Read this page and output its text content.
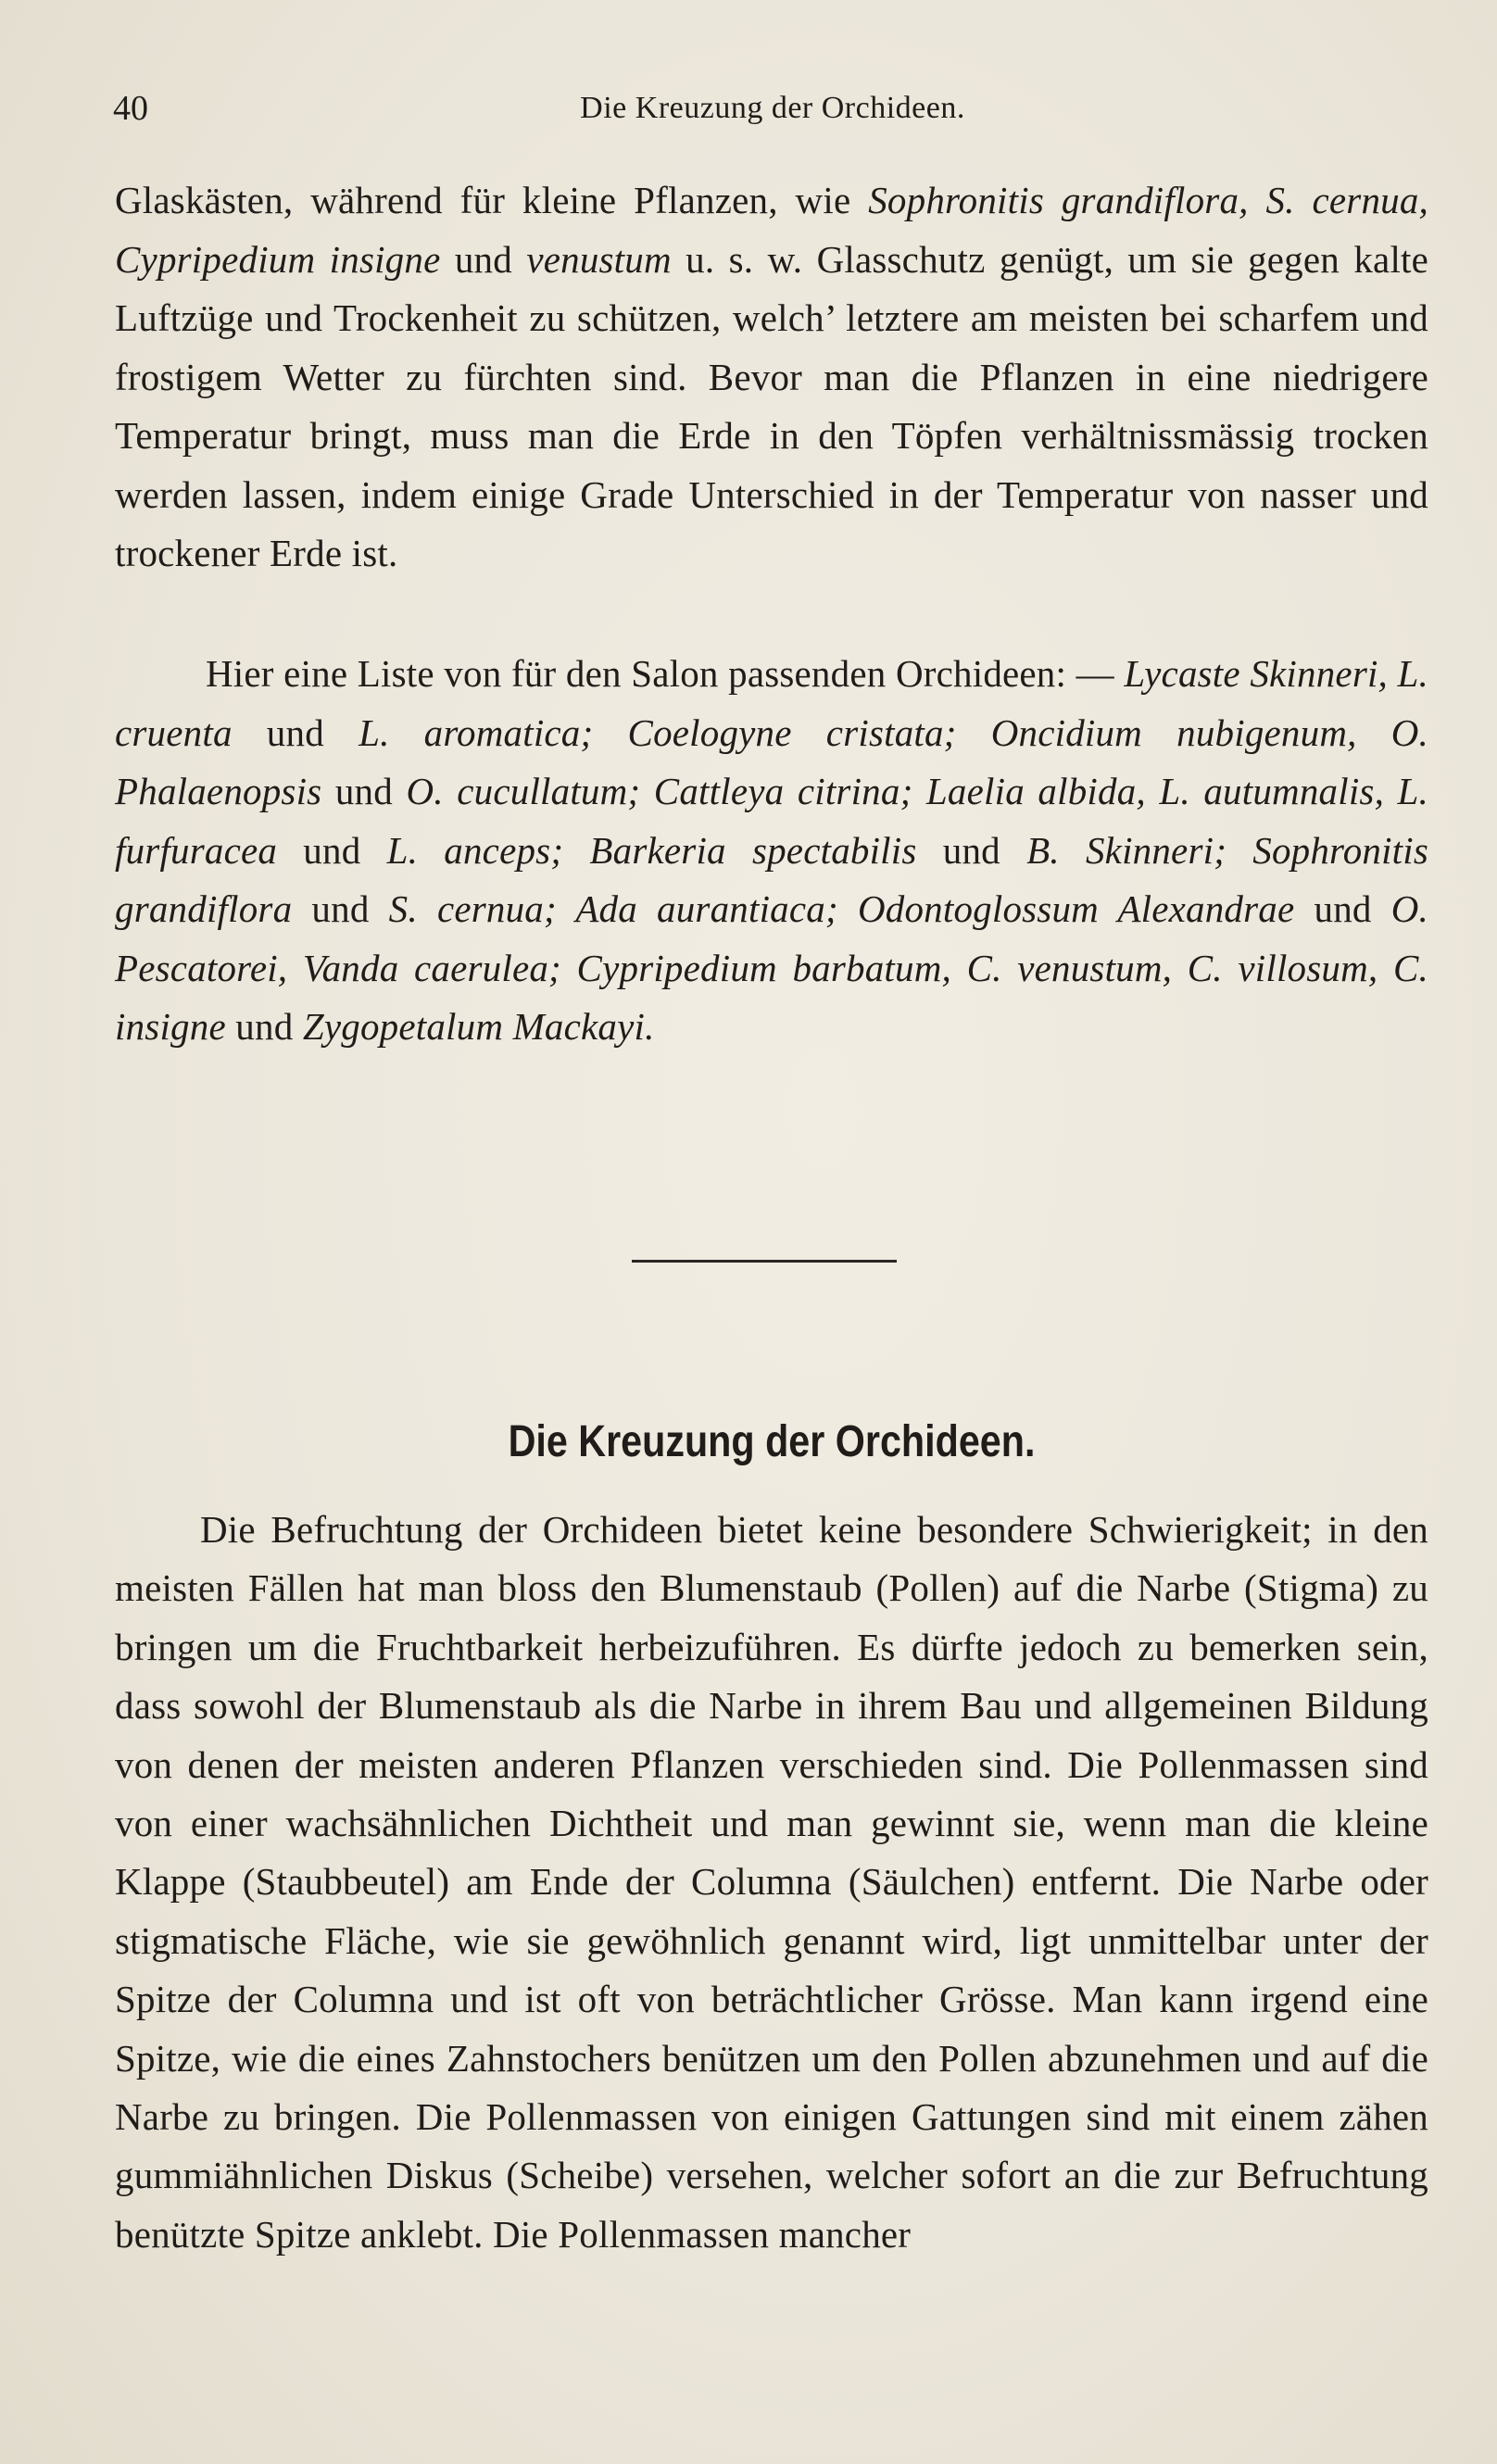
40	Die Kreuzung der Orchideen.

Glaskästen, während für kleine Pflanzen, wie Sophronitis grandiflora, S. cernua, Cypripedium insigne und venustum u. s. w. Glasschutz genügt, um sie gegen kalte Luftzüge und Trockenheit zu schützen, welch’ letztere am meisten bei scharfem und frostigem Wetter zu fürchten sind. Bevor man die Pflanzen in eine niedrigere Temperatur bringt, muss man die Erde in den Töpfen verhältnissmässig trocken werden lassen, indem einige Grade Unterschied in der Temperatur von nasser und trockener Erde ist.

Hier eine Liste von für den Salon passenden Orchideen: — Lycaste Skinneri, L. cruenta und L. aromatica; Coelogyne cristata; Oncidium nubigenum, O. Phalaenopsis und O. cucullatum; Cattleya citrina; Laelia albida, L. autumnalis, L. furfuracea und L. anceps; Barkeria spectabilis und B. Skinneri; Sophronitis grandiflora und S. cernua; Ada aurantiaca; Odontoglossum Alexandrae und O. Pescatorei, Vanda caerulea; Cypripedium barbatum, C. venustum, C. villosum, C. insigne und Zygopetalum Mackayi.

Die Kreuzung der Orchideen.

Die Befruchtung der Orchideen bietet keine besondere Schwierigkeit; in den meisten Fällen hat man bloss den Blumenstaub (Pollen) auf die Narbe (Stigma) zu bringen um die Fruchtbarkeit herbeizuführen. Es dürfte jedoch zu bemerken sein, dass sowohl der Blumenstaub als die Narbe in ihrem Bau und allgemeinen Bildung von denen der meisten anderen Pflanzen verschieden sind. Die Pollenmassen sind von einer wachsähnlichen Dichtheit und man gewinnt sie, wenn man die kleine Klappe (Staubbeutel) am Ende der Columna (Säulchen) entfernt. Die Narbe oder stigmatische Fläche, wie sie gewöhnlich genannt wird, ligt unmittelbar unter der Spitze der Columna und ist oft von beträchtlicher Grösse. Man kann irgend eine Spitze, wie die eines Zahnstochers benützen um den Pollen abzunehmen und auf die Narbe zu bringen. Die Pollenmassen von einigen Gattungen sind mit einem zähen gummiähnlichen Diskus (Scheibe) versehen, welcher sofort an die zur Befruchtung benützte Spitze anklebt. Die Pollenmassen mancher
